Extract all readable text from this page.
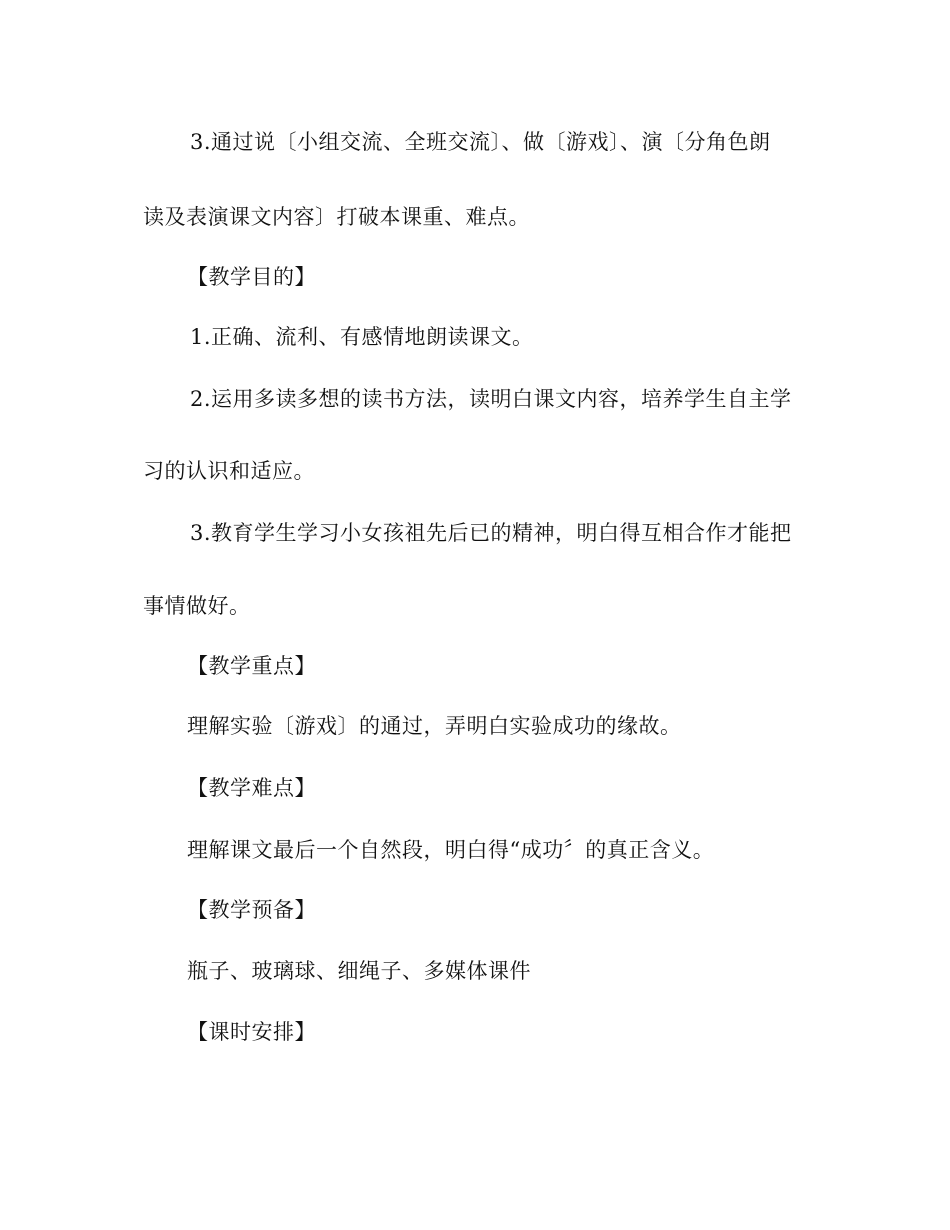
3.通过说〔小组交流、全班交流〕、做〔游戏〕、演〔分角色朗
读及表演课文内容〕打破本课重、难点。
【教学目的】
1.正确、流利、有感情地朗读课文。
2.运用多读多想的读书方法，读明白课文内容，培养学生自主学
习的认识和适应。
3.教育学生学习小女孩祖先后已的精神，明白得互相合作才能把
事情做好。
【教学重点】
理解实验〔游戏〕的通过，弄明白实验成功的缘故。
【教学难点】
理解课文最后一个自然段，明白得“成功〞的真正含义。
【教学预备】
瓶子、玻璃球、细绳子、多媒体课件
【课时安排】
